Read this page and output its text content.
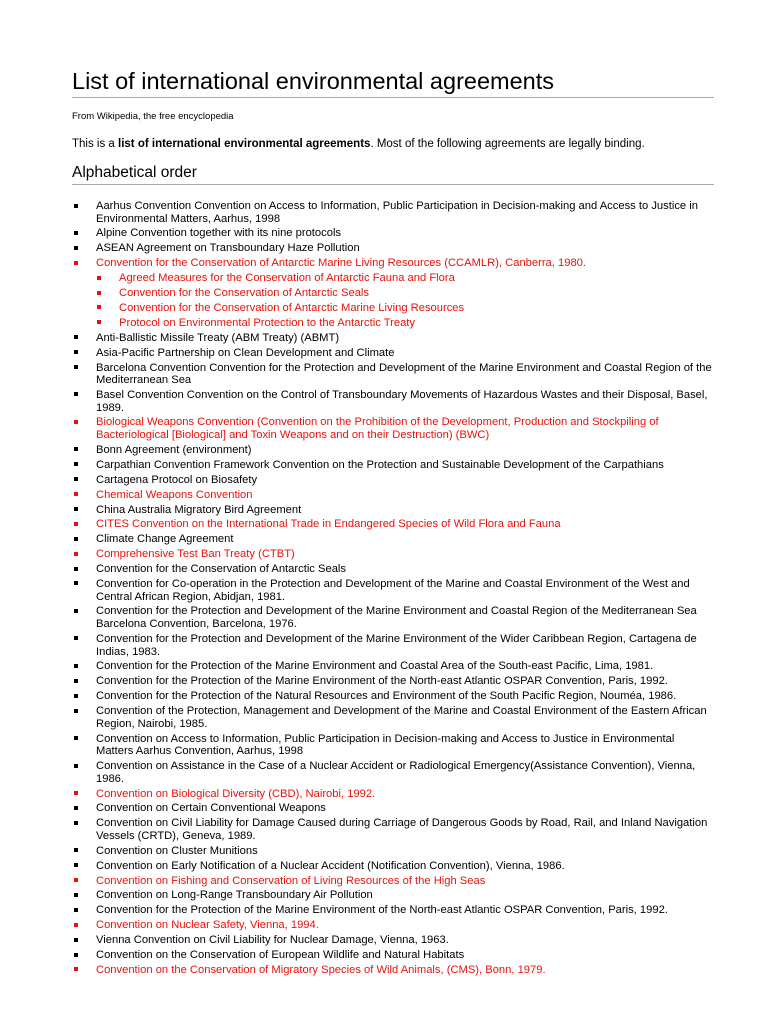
List of international environmental agreements
From Wikipedia, the free encyclopedia
This is a list of international environmental agreements. Most of the following agreements are legally binding.
Alphabetical order
Aarhus Convention Convention on Access to Information, Public Participation in Decision-making and Access to Justice in Environmental Matters, Aarhus, 1998
Alpine Convention together with its nine protocols
ASEAN Agreement on Transboundary Haze Pollution
Convention for the Conservation of Antarctic Marine Living Resources (CCAMLR), Canberra, 1980.
Agreed Measures for the Conservation of Antarctic Fauna and Flora
Convention for the Conservation of Antarctic Seals
Convention for the Conservation of Antarctic Marine Living Resources
Protocol on Environmental Protection to the Antarctic Treaty
Anti-Ballistic Missile Treaty (ABM Treaty) (ABMT)
Asia-Pacific Partnership on Clean Development and Climate
Barcelona Convention Convention for the Protection and Development of the Marine Environment and Coastal Region of the Mediterranean Sea
Basel Convention Convention on the Control of Transboundary Movements of Hazardous Wastes and their Disposal, Basel, 1989.
Biological Weapons Convention (Convention on the Prohibition of the Development, Production and Stockpiling of Bacteriological [Biological] and Toxin Weapons and on their Destruction) (BWC)
Bonn Agreement (environment)
Carpathian Convention Framework Convention on the Protection and Sustainable Development of the Carpathians
Cartagena Protocol on Biosafety
Chemical Weapons Convention
China Australia Migratory Bird Agreement
CITES Convention on the International Trade in Endangered Species of Wild Flora and Fauna
Climate Change Agreement
Comprehensive Test Ban Treaty (CTBT)
Convention for the Conservation of Antarctic Seals
Convention for Co-operation in the Protection and Development of the Marine and Coastal Environment of the West and Central African Region, Abidjan, 1981.
Convention for the Protection and Development of the Marine Environment and Coastal Region of the Mediterranean Sea Barcelona Convention, Barcelona, 1976.
Convention for the Protection and Development of the Marine Environment of the Wider Caribbean Region, Cartagena de Indias, 1983.
Convention for the Protection of the Marine Environment and Coastal Area of the South-east Pacific, Lima, 1981.
Convention for the Protection of the Marine Environment of the North-east Atlantic OSPAR Convention, Paris, 1992.
Convention for the Protection of the Natural Resources and Environment of the South Pacific Region, Nouméa, 1986.
Convention of the Protection, Management and Development of the Marine and Coastal Environment of the Eastern African Region, Nairobi, 1985.
Convention on Access to Information, Public Participation in Decision-making and Access to Justice in Environmental Matters Aarhus Convention, Aarhus, 1998
Convention on Assistance in the Case of a Nuclear Accident or Radiological Emergency(Assistance Convention), Vienna, 1986.
Convention on Biological Diversity (CBD), Nairobi, 1992.
Convention on Certain Conventional Weapons
Convention on Civil Liability for Damage Caused during Carriage of Dangerous Goods by Road, Rail, and Inland Navigation Vessels (CRTD), Geneva, 1989.
Convention on Cluster Munitions
Convention on Early Notification of a Nuclear Accident (Notification Convention), Vienna, 1986.
Convention on Fishing and Conservation of Living Resources of the High Seas
Convention on Long-Range Transboundary Air Pollution
Convention for the Protection of the Marine Environment of the North-east Atlantic OSPAR Convention, Paris, 1992.
Convention on Nuclear Safety, Vienna, 1994.
Vienna Convention on Civil Liability for Nuclear Damage, Vienna, 1963.
Convention on the Conservation of European Wildlife and Natural Habitats
Convention on the Conservation of Migratory Species of Wild Animals, (CMS), Bonn, 1979.
